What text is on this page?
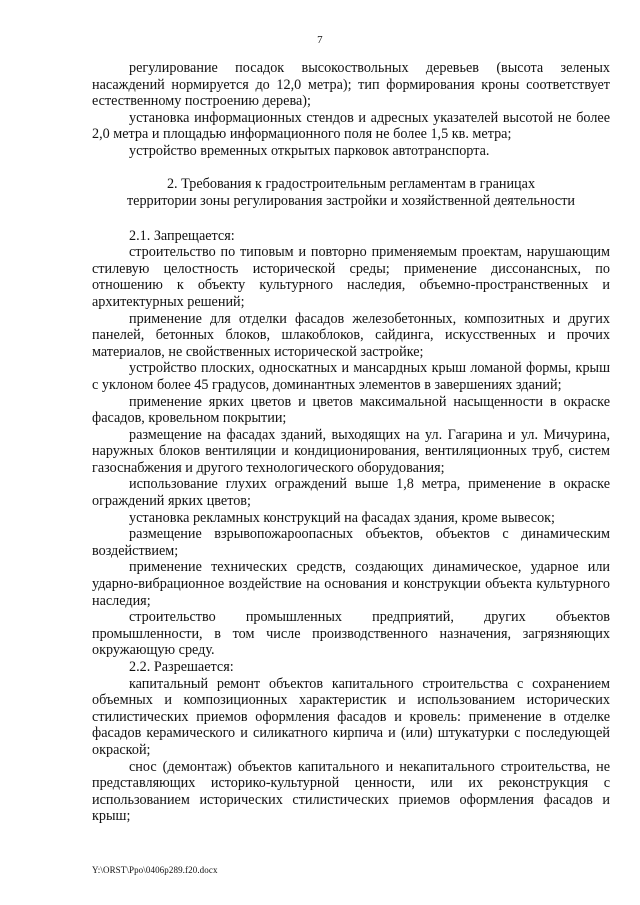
7

регулирование посадок высокоствольных деревьев (высота зеленых насаждений нормируется до 12,0 метра); тип формирования кроны соответствует естественному построению дерева);

установка информационных стендов и адресных указателей высотой не более 2,0 метра и площадью информационного поля не более 1,5 кв. метра;

устройство временных открытых парковок автотранспорта.

2. Требования к градостроительным регламентам в границах
территории зоны регулирования застройки и хозяйственной деятельности

2.1. Запрещается:

строительство по типовым и повторно применяемым проектам, нарушающим стилевую целостность исторической среды; применение диссонансных, по отношению к объекту культурного наследия, объемно-пространственных и архитектурных решений;

применение для отделки фасадов железобетонных, композитных и других панелей, бетонных блоков, шлакоблоков, сайдинга, искусственных и прочих материалов, не свойственных исторической застройке;

устройство плоских, односкатных и мансардных крыш ломаной формы, крыш с уклоном более 45 градусов, доминантных элементов в завершениях зданий;

применение ярких цветов и цветов максимальной насыщенности в окраске фасадов, кровельном покрытии;

размещение на фасадах зданий, выходящих на ул. Гагарина и ул. Мичурина, наружных блоков вентиляции и кондиционирования, вентиляционных труб, систем газоснабжения и другого технологического оборудования;

использование глухих ограждений выше 1,8 метра, применение в окраске ограждений ярких цветов;

установка рекламных конструкций на фасадах здания, кроме вывесок;

размещение взрывопожароопасных объектов, объектов с динамическим воздействием;

применение технических средств, создающих динамическое, ударное или ударно-вибрационное воздействие на основания и конструкции объекта культурного наследия;

строительство промышленных предприятий, других объектов промышленности, в том числе производственного назначения, загрязняющих окружающую среду.

2.2. Разрешается:

капитальный ремонт объектов капитального строительства с сохранением объемных и композиционных характеристик и использованием исторических стилистических приемов оформления фасадов и кровель: применение в отделке фасадов керамического и силикатного кирпича и (или) штукатурки с последующей окраской;

снос (демонтаж) объектов капитального и некапитального строительства, не представляющих историко-культурной ценности, или их реконструкция с использованием исторических стилистических приемов оформления фасадов и крыш;

Y:\ORST\Ppo\0406p289.f20.docx
